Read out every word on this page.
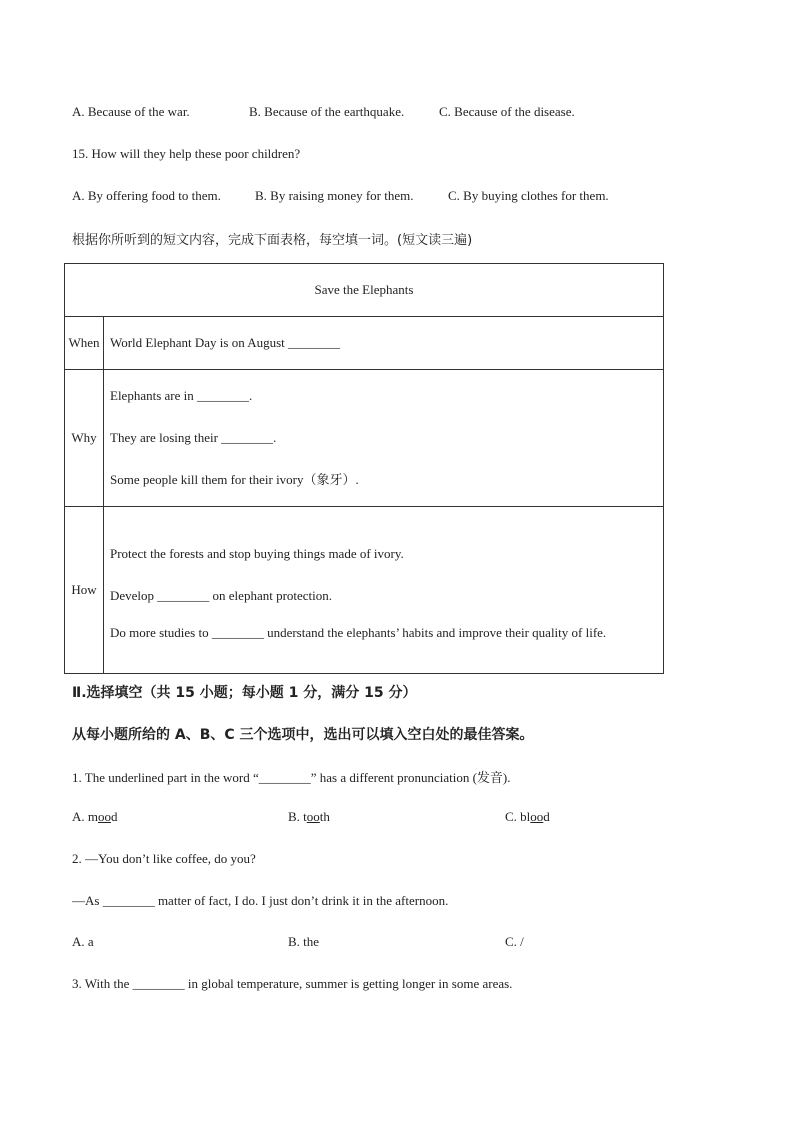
A. Because of the war.	B. Because of the earthquake.	C. Because of the disease.
15. How will they help these poor children?
A. By offering food to them.	B. By raising money for them.	C. By buying clothes for them.
根据你所听到的短文内容，完成下面表格，每空填一词。(短文读三遍)
Save the Elephants	
When	World Elephant Day is on August ________
Why	Elephants are in ________.

They are losing their ________.

Some people kill them for their ivory（象牙）.

How	Protect the forests and stop buying things made of ivory.

Develop ________ on elephant protection.

Do more studies to ________ understand the elephants’ habits and improve their quality of life.

Ⅱ.选择填空（共 15 小题；每小题 1 分，满分 15 分）
从每小题所给的 A、B、C 三个选项中，选出可以填入空白处的最佳答案。
1. The underlined part in the word “________” has a different pronunciation (发音).
A. mood	B. tooth	C. blood
2. —You don’t like coffee, do you?
—As ________ matter of fact, I do. I just don’t drink it in the afternoon.
A. a	B. the	C. /
3. With the ________ in global temperature, summer is getting longer in some areas.
